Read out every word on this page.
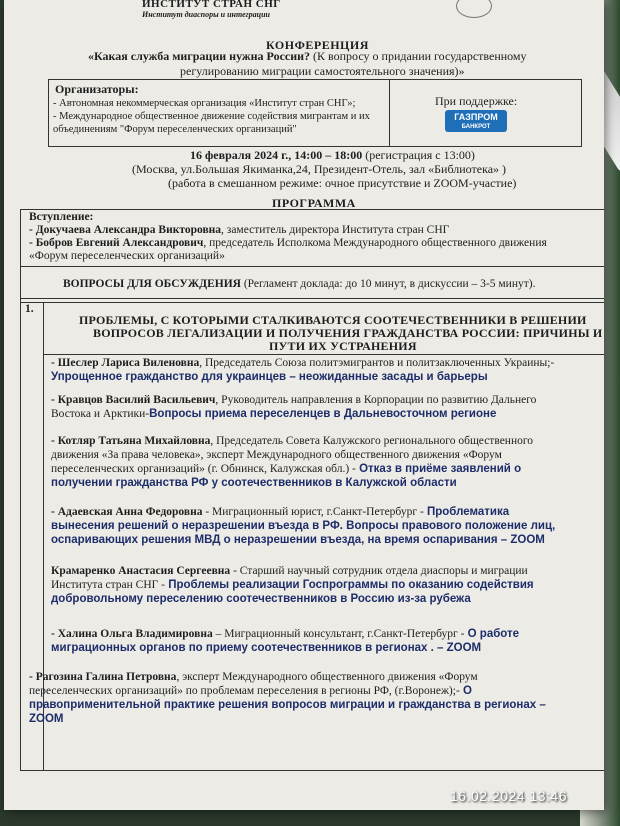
ИНСТИТУТ СТРАН СНГ
Институт диаспоры и интеграции
КОНФЕРЕНЦИЯ
«Какая служба миграции нужна России? (К вопросу о придании государственному
регулированию миграции самостоятельного значения)»
Организаторы:
- Автономная некоммерческая организация «Институт стран СНГ»;
- Международное общественное движение содействия мигрантам и их
объединениям "Форум переселенческих организаций"
При поддержке:
ГАЗПРОМ
БАНКРОТ
16 февраля 2024 г., 14:00 – 18:00 (регистрация с 13:00)
(Москва, ул.Большая Якиманка,24, Президент-Отель, зал «Библиотека» )
(работа в смешанном режиме: очное присутствие и ZOOM-участие)
ПРОГРАММА
Вступление:
- Докучаева Александра Викторовна, заместитель директора Института стран СНГ
- Бобров Евгений Александрович, председатель Исполкома Международного общественного движения
«Форум переселенческих организаций»
ВОПРОСЫ ДЛЯ ОБСУЖДЕНИЯ (Регламент доклада: до 10 минут, в дискуссии – 3-5 минут).
1.
ПРОБЛЕМЫ, С КОТОРЫМИ СТАЛКИВАЮТСЯ СООТЕЧЕСТВЕННИКИ В РЕШЕНИИ
ВОПРОСОВ ЛЕГАЛИЗАЦИИ И ПОЛУЧЕНИЯ ГРАЖДАНСТВА РОССИИ: ПРИЧИНЫ И
ПУТИ ИХ УСТРАНЕНИЯ
- Шеслер Лариса Виленовна, Председатель Союза политэмигрантов и политзаключенных Украины;-
Упрощенное гражданство для украинцев – неожиданные засады и барьеры
- Кравцов Василий Васильевич, Руководитель направления в Корпорации по развитию Дальнего
Востока и Арктики-Вопросы приема переселенцев в Дальневосточном регионе
- Котляр Татьяна Михайловна, Председатель Совета Калужского регионального общественного
движения «За права человека», эксперт Международного общественного движения «Форум
переселенческих организаций» (г. Обнинск, Калужская обл.) - Отказ в приёме заявлений о
получении гражданства РФ у соотечественников в Калужской области
- Адаевская Анна Федоровна - Миграционный юрист, г.Санкт-Петербург - Проблематика
вынесения решений о неразрешении въезда в РФ. Вопросы правового положение лиц,
оспаривающих решения МВД о неразрешении въезда, на время оспаривания – ZOOM
Крамаренко Анастасия Сергеевна - Старший научный сотрудник отдела диаспоры и миграции
Института стран СНГ - Проблемы реализации Госпрограммы по оказанию содействия
добровольному переселению соотечественников в Россию из-за рубежа
- Халина Ольга Владимировна – Миграционный консультант, г.Санкт-Петербург - О работе
миграционных органов по приему соотечественников в регионах . – ZOOM
- Рагозина Галина Петровна, эксперт Международного общественного движения «Форум
переселенческих организаций» по проблемам переселения в регионы РФ, (г.Воронеж);- О
правоприменительной практике решения вопросов миграции и гражданства в регионах –
ZOOM
16.02.2024 13:46
